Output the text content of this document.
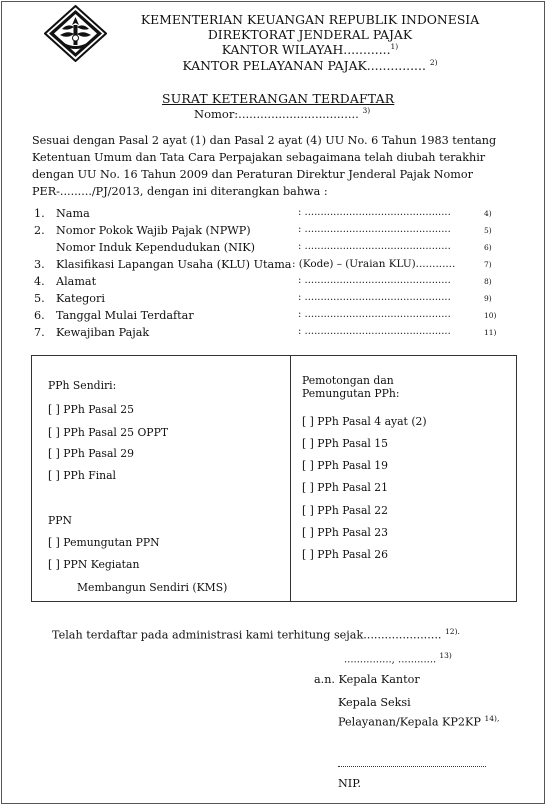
KEMENTERIAN KEUANGAN REPUBLIK INDONESIA
DIREKTORAT JENDERAL PAJAK
KANTOR WILAYAH............$^{1)}$
KANTOR PELAYANAN PAJAK............... $^{2)}$
SURAT KETERANGAN TERDAFTAR
Nomor:................................. $^{3)}$
Sesuai dengan Pasal 2 ayat (1) dan Pasal 2 ayat (4) UU No. 6 Tahun 1983 tentang
Ketentuan Umum dan Tata Cara Perpajakan sebagaimana telah diubah terakhir
dengan UU No. 16 Tahun 2009 dan Peraturan Direktur Jenderal Pajak Nomor
PER-........./PJ/2013, dengan ini diterangkan bahwa :
1. Nama	: ..............................................	4)
2. Nomor Pokok Wajib Pajak (NPWP)	: ..............................................	5)
Nomor Induk Kependudukan (NIK)	: ..............................................	6)
3. Klasifikasi Lapangan Usaha (KLU) Utama : (Kode) – (Uraian KLU)............	7)
4. Alamat	: ..............................................	8)
5. Kategori	: ..............................................	9)
6. Tanggal Mulai Terdaftar	: ..............................................	10)
7. Kewajiban Pajak	: ..............................................	11)
PPh Sendiri:
[ ] PPh Pasal 25
[ ] PPh Pasal 25 OPPT
[ ] PPh Pasal 29
[ ] PPh Final
PPN
[ ] Pemungutan PPN
[ ] PPN Kegiatan
Membangun Sendiri (KMS)
Pemotongan dan
Pemungutan PPh:
[ ] PPh Pasal 4 ayat (2)
[ ] PPh Pasal 15
[ ] PPh Pasal 19
[ ] PPh Pasal 21
[ ] PPh Pasal 22
[ ] PPh Pasal 23
[ ] PPh Pasal 26
Telah terdaftar pada administrasi kami terhitung sejak...................... $^{12).}$
..............., ............ $^{13)}$
a.n. Kepala Kantor
Kepala Seksi
Pelayanan/Kepala KP2KP $^{14),}$
NIP.
